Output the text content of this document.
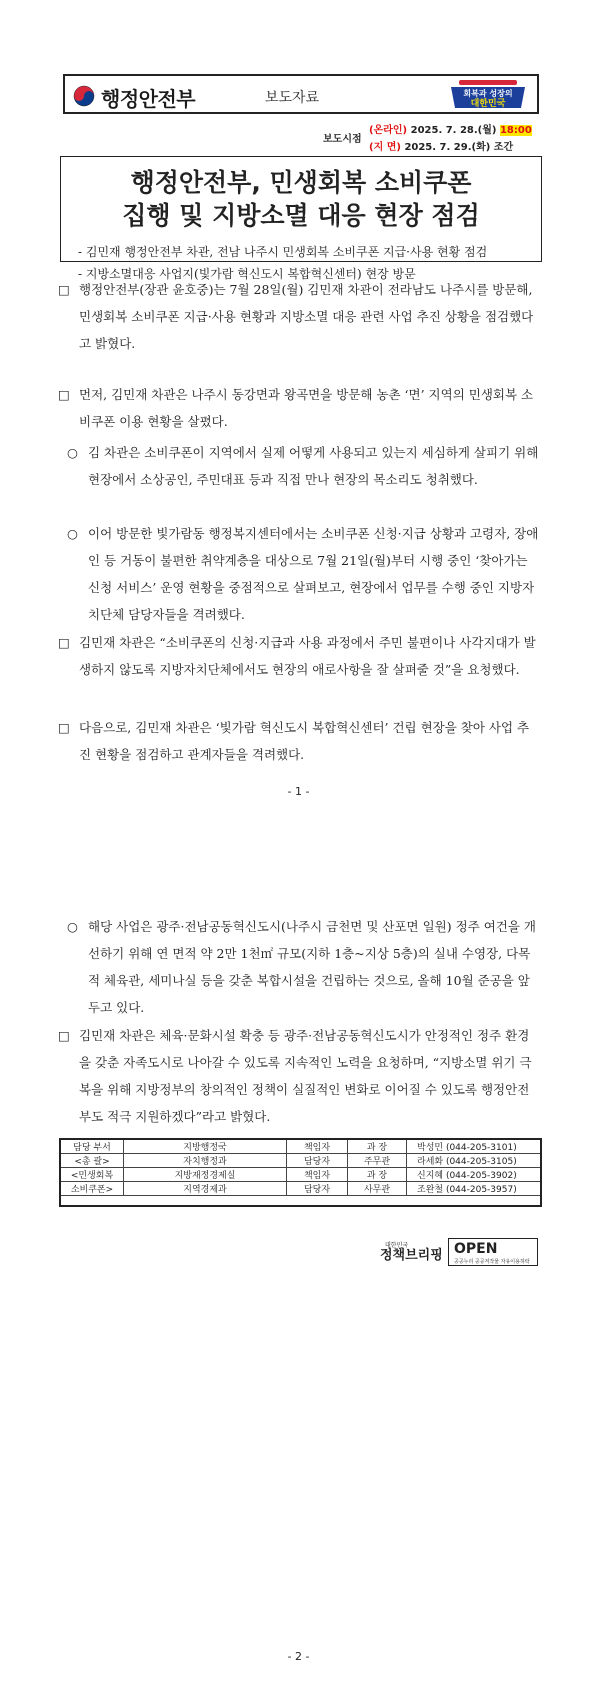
행정안전부	보도자료	회복과 성장의
대한민국
보도시점
(온라인) 2025. 7. 28.(월) 18:00
(지 면) 2025. 7. 29.(화) 조간
행정안전부, 민생회복 소비쿠폰
집행 및 지방소멸 대응 현장 점검
- 김민재 행정안전부 차관, 전남 나주시 민생회복 소비쿠폰 지급·사용 현황 점검
- 지방소멸대응 사업지(빛가람 혁신도시 복합혁신센터) 현장 방문
□ 행정안전부(장관 윤호중)는 7월 28일(월) 김민재 차관이 전라남도 나주시를 방문해, 민생회복 소비쿠폰 지급·사용 현황과 지방소멸 대응 관련 사업 추진 상황을 점검했다고 밝혔다.
□ 먼저, 김민재 차관은 나주시 동강면과 왕곡면을 방문해 농촌 ‘면’ 지역의 민생회복 소비쿠폰 이용 현황을 살폈다.
○ 김 차관은 소비쿠폰이 지역에서 실제 어떻게 사용되고 있는지 세심하게 살피기 위해 현장에서 소상공인, 주민대표 등과 직접 만나 현장의 목소리도 청취했다.
○ 이어 방문한 빛가람동 행정복지센터에서는 소비쿠폰 신청·지급 상황과 고령자, 장애인 등 거동이 불편한 취약계층을 대상으로 7월 21일(월)부터 시행 중인 ‘찾아가는 신청 서비스’ 운영 현황을 중점적으로 살펴보고, 현장에서 업무를 수행 중인 지방자치단체 담당자들을 격려했다.
□ 김민재 차관은 “소비쿠폰의 신청·지급과 사용 과정에서 주민 불편이나 사각지대가 발생하지 않도록 지방자치단체에서도 현장의 애로사항을 잘 살펴줄 것”을 요청했다.
□ 다음으로, 김민재 차관은 ‘빛가람 혁신도시 복합혁신센터’ 건립 현장을 찾아 사업 추진 현황을 점검하고 관계자들을 격려했다.
- 1 -
○ 해당 사업은 광주·전남공동혁신도시(나주시 금천면 및 산포면 일원) 정주 여건을 개선하기 위해 연 면적 약 2만 1천㎡ 규모(지하 1층~지상 5층)의 실내 수영장, 다목적 체육관, 세미나실 등을 갖춘 복합시설을 건립하는 것으로, 올해 10월 준공을 앞두고 있다.
□ 김민재 차관은 체육·문화시설 확충 등 광주·전남공동혁신도시가 안정적인 정주 환경을 갖춘 자족도시로 나아갈 수 있도록 지속적인 노력을 요청하며, “지방소멸 위기 극복을 위해 지방정부의 창의적인 정책이 실질적인 변화로 이어질 수 있도록 행정안전부도 적극 지원하겠다”라고 밝혔다.
담당 부서	지방행정국	책임자	과 장	박성민 (044-205-3101)
<총 괄>	자치행정과	담당자	주무관	라세화 (044-205-3105)
<민생회복	지방재정경제실	책임자	과 장	신지혜 (044-205-3902)
소비쿠폰>	지역경제과	담당자	사무관	조완철 (044-205-3957)
대한민국
정책브리핑 OPEN
공공누리 공공저작물 자유이용허락
- 2 -
